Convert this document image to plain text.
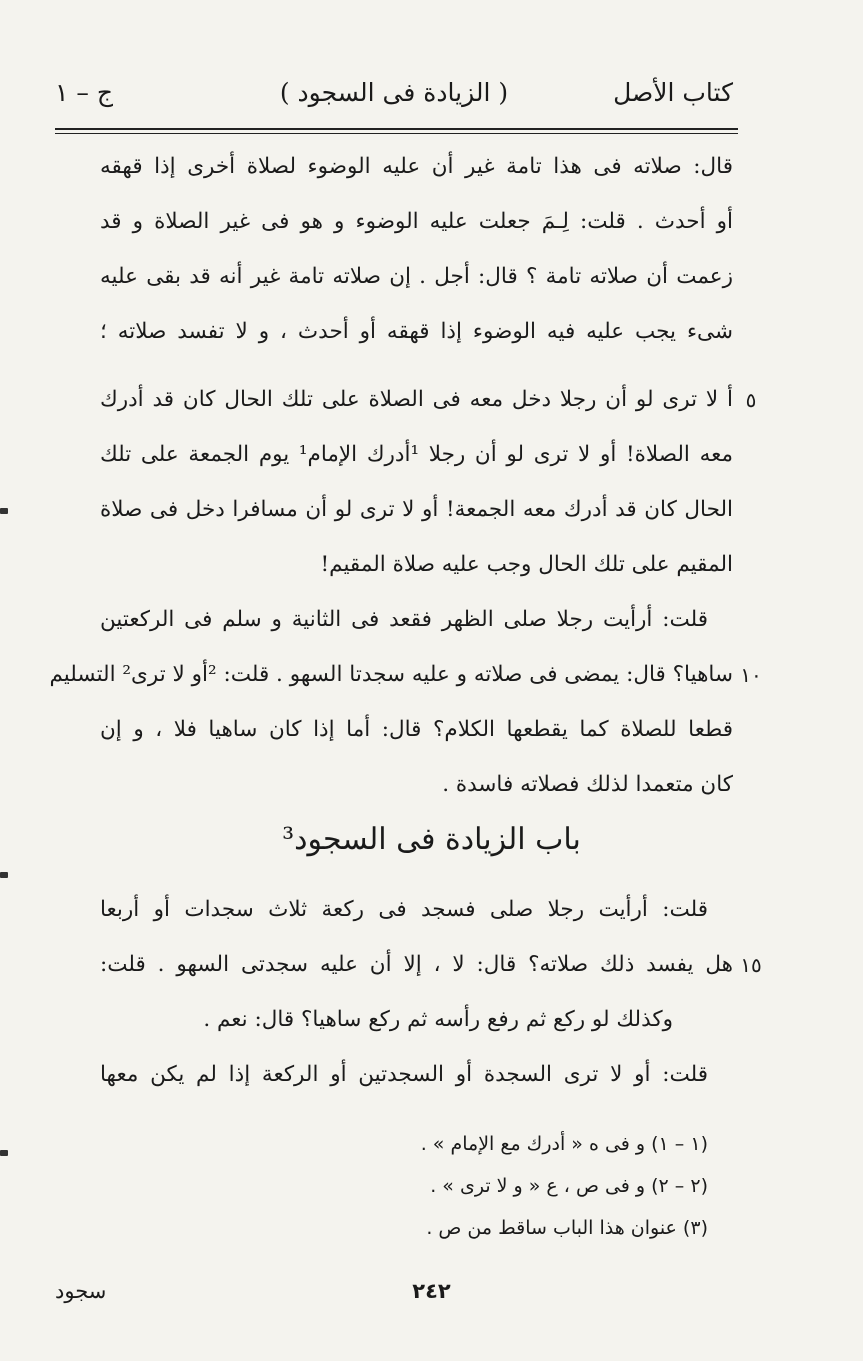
كتاب الأصل
( الزيادة فى السجود )
ج – ١
قال: صلاته فى هذا تامة غير أن عليه الوضوء لصلاة أخرى إذا قهقه
أو أحدث . قلت: لِـمَ جعلت عليه الوضوء و هو فى غير الصلاة و قد
زعمت أن صلاته تامة ؟ قال: أجل . إن صلاته تامة غير أنه قد بقى عليه
شىء يجب عليه فيه الوضوء إذا قهقه أو أحدث ، و لا تفسد صلاته ؛
٥
أ لا ترى لو أن رجلا دخل معه فى الصلاة على تلك الحال كان قد أدرك
معه الصلاة! أو لا ترى لو أن رجلا ¹أدرك الإمام¹ يوم الجمعة على تلك
الحال كان قد أدرك معه الجمعة! أو لا ترى لو أن مسافرا دخل فى صلاة
المقيم على تلك الحال وجب عليه صلاة المقيم!
قلت: أرأيت رجلا صلى الظهر فقعد فى الثانية و سلم فى الركعتين
١٠
ساهيا؟ قال: يمضى فى صلاته و عليه سجدتا السهو . قلت: ²أو لا ترى² التسليم
قطعا للصلاة كما يقطعها الكلام؟ قال: أما إذا كان ساهيا فلا ، و إن
كان متعمدا لذلك فصلاته فاسدة .
باب الزيادة فى السجود³
قلت: أرأيت رجلا صلى فسجد فى ركعة ثلاث سجدات أو أربعا
١٥
هل يفسد ذلك صلاته؟ قال: لا ، إلا أن عليه سجدتى السهو . قلت:
وكذلك لو ركع ثم رفع رأسه ثم ركع ساهيا؟ قال: نعم .
قلت: أو لا ترى السجدة أو السجدتين أو الركعة إذا لم يكن معها
(١ – ١) و فى ه « أدرك مع الإمام » .
(٢ – ٢) و فى ص ، ع « و لا ترى » .
(٣) عنوان هذا الباب ساقط من ص .
٢٤٢
سجود
